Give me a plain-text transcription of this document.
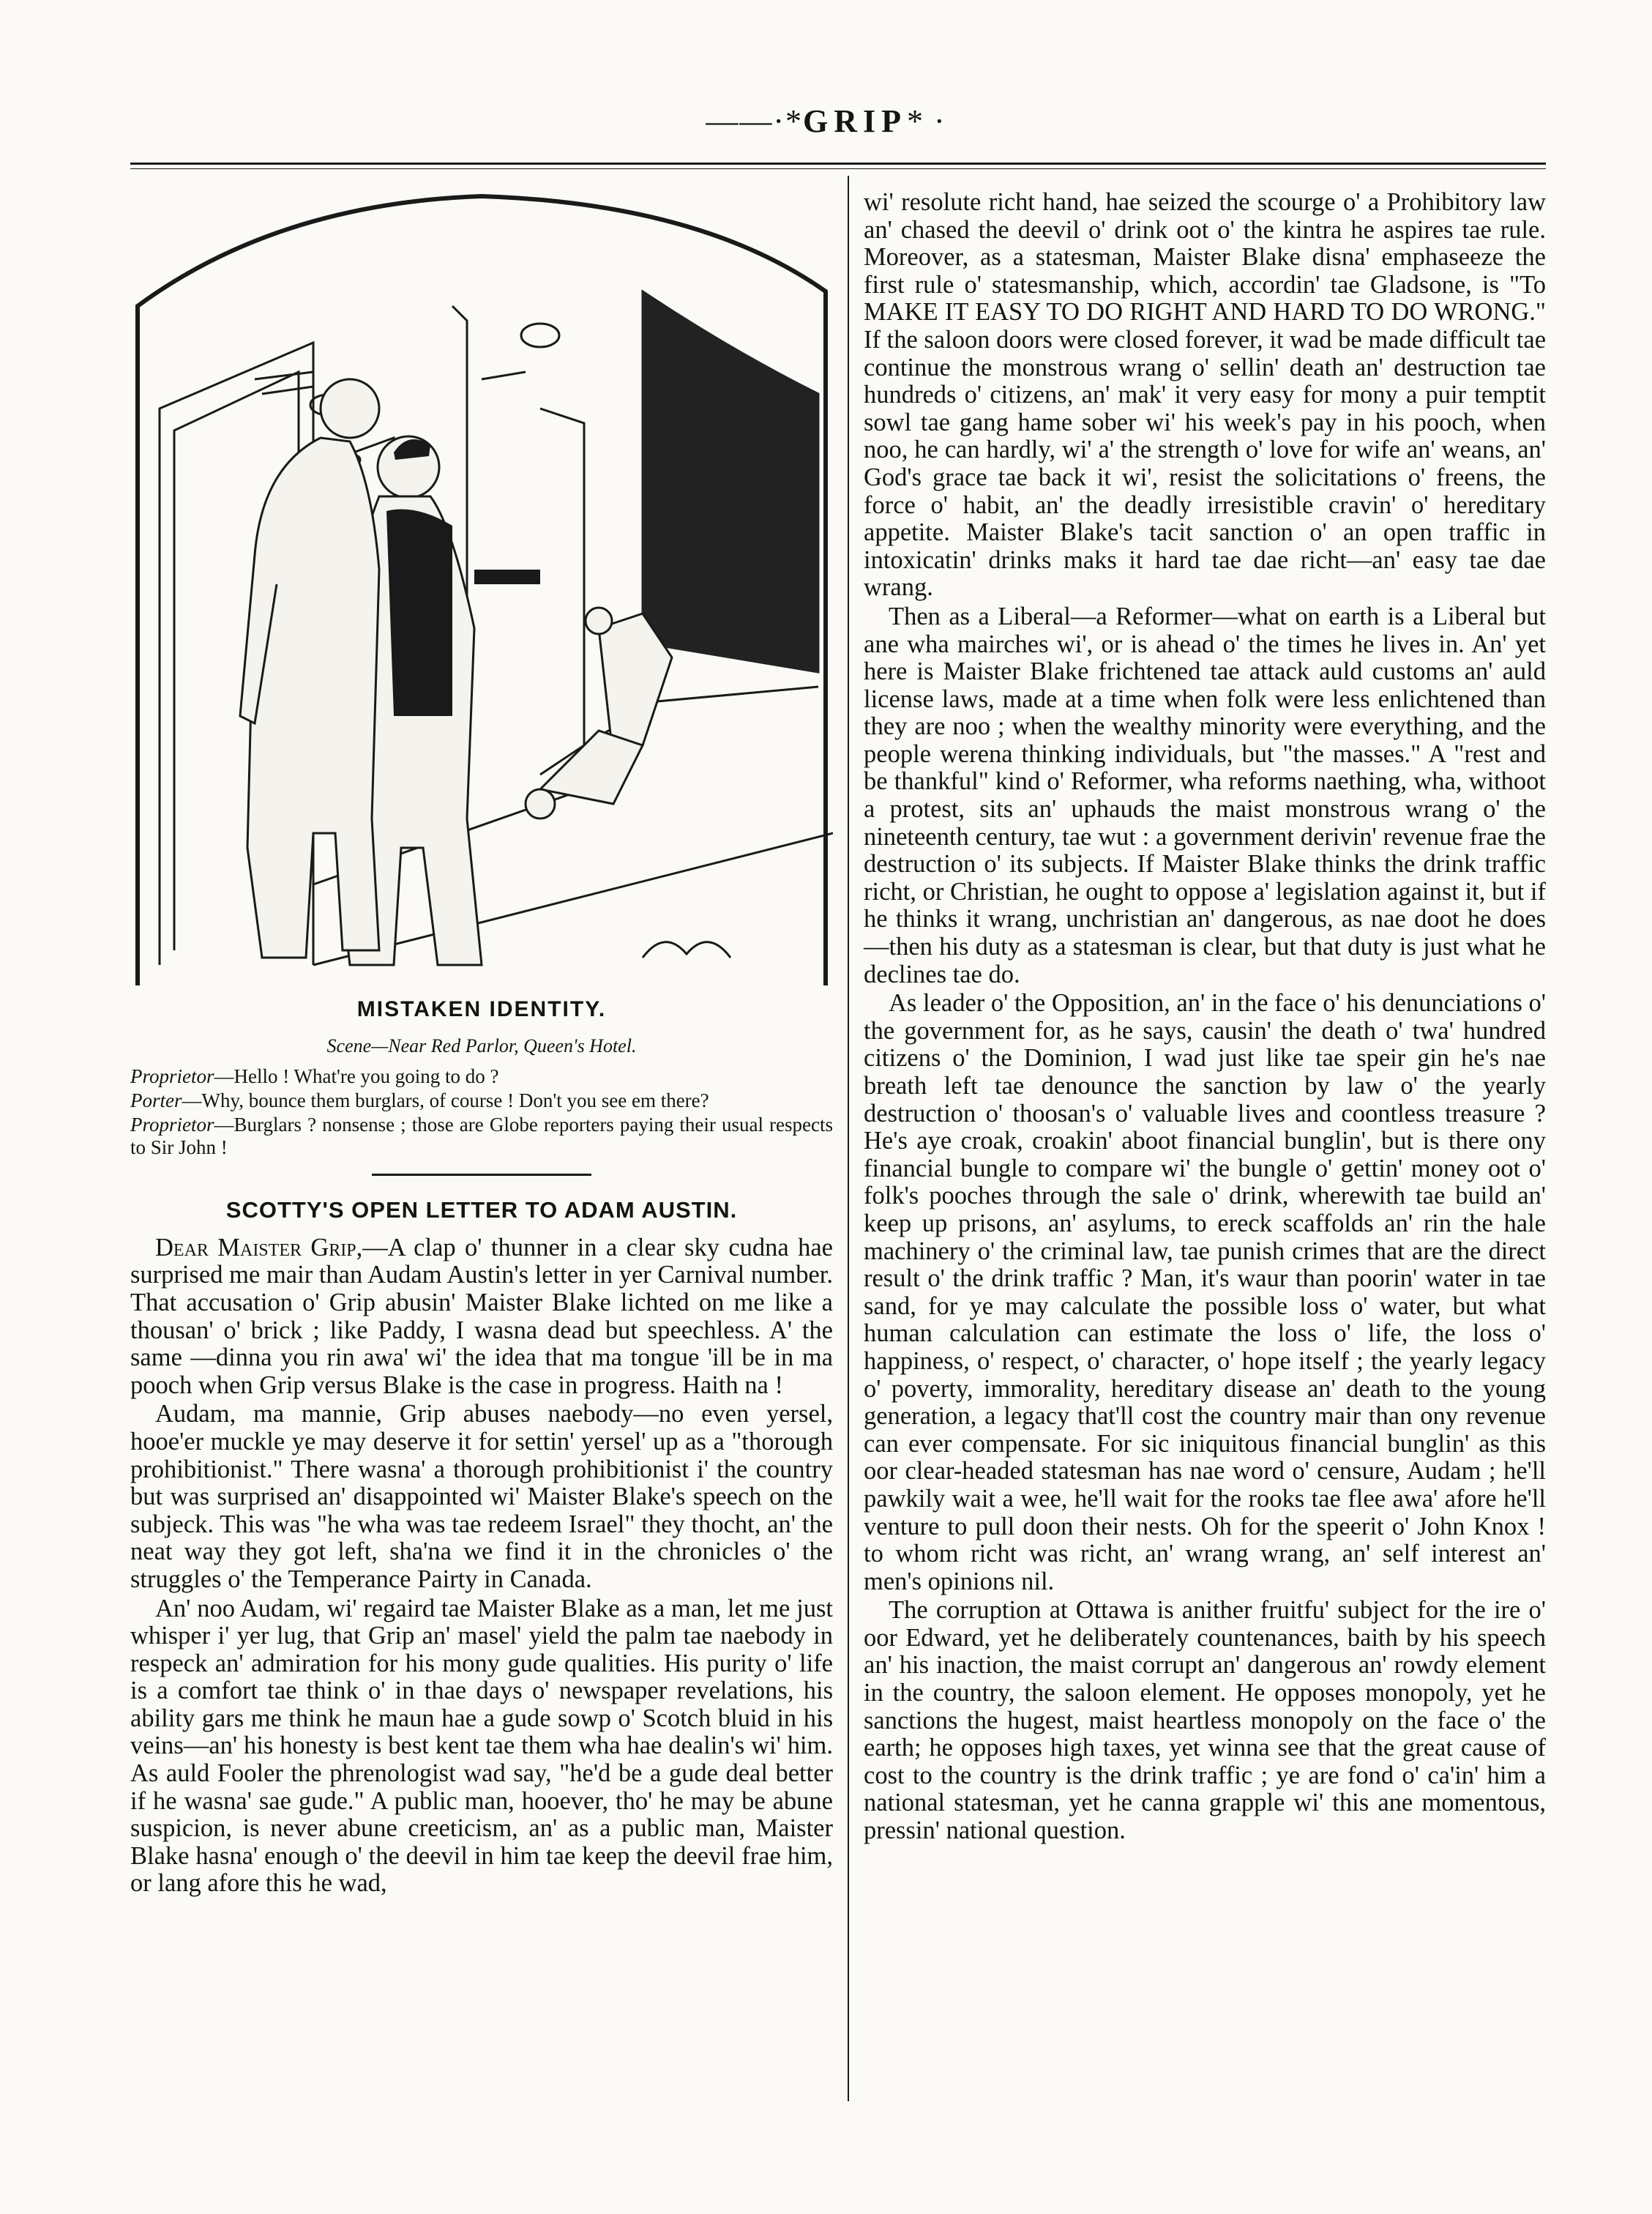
——·*GRIP* ·
MISTAKEN IDENTITY.
Scene—Near Red Parlor, Queen's Hotel.

Proprietor—Hello ! What're you going to do ?

Porter—Why, bounce them burglars, of course ! Don't you see em there?

Proprietor—Burglars ? nonsense ; those are Globe reporters paying their usual respects to Sir John !

SCOTTY'S OPEN LETTER TO ADAM AUSTIN.

Dear Maister Grip,—A clap o' thunner in a clear sky cudna hae surprised me mair than Audam Austin's letter in yer Carnival number. That accusation o' Grip abusin' Maister Blake lichted on me like a thousan' o' brick ; like Paddy, I wasna dead but speechless. A' the same —dinna you rin awa' wi' the idea that ma tongue 'ill be in ma pooch when Grip versus Blake is the case in progress. Haith na !

Audam, ma mannie, Grip abuses naebody—no even yersel, hooe'er muckle ye may deserve it for settin' yersel' up as a "thorough prohibitionist." There wasna' a thorough prohibitionist i' the country but was surprised an' disappointed wi' Maister Blake's speech on the subjeck. This was "he wha was tae redeem Israel" they thocht, an' the neat way they got left, sha'na we find it in the chronicles o' the struggles o' the Temperance Pairty in Canada.

An' noo Audam, wi' regaird tae Maister Blake as a man, let me just whisper i' yer lug, that Grip an' masel' yield the palm tae naebody in respeck an' admiration for his mony gude qualities. His purity o' life is a comfort tae think o' in thae days o' newspaper revelations, his ability gars me think he maun hae a gude sowp o' Scotch bluid in his veins—an' his honesty is best kent tae them wha hae dealin's wi' him. As auld Fooler the phrenologist wad say, "he'd be a gude deal better if he wasna' sae gude." A public man, hooever, tho' he may be abune suspicion, is never abune creeticism, an' as a public man, Maister Blake hasna' enough o' the deevil in him tae keep the deevil frae him, or lang afore this he wad,

wi' resolute richt hand, hae seized the scourge o' a Prohibitory law an' chased the deevil o' drink oot o' the kintra he aspires tae rule. Moreover, as a statesman, Maister Blake disna' emphaseeze the first rule o' statesmanship, which, accordin' tae Gladsone, is "To MAKE IT EASY TO DO RIGHT AND HARD TO DO WRONG." If the saloon doors were closed forever, it wad be made difficult tae continue the monstrous wrang o' sellin' death an' destruction tae hundreds o' citizens, an' mak' it very easy for mony a puir temptit sowl tae gang hame sober wi' his week's pay in his pooch, when noo, he can hardly, wi' a' the strength o' love for wife an' weans, an' God's grace tae back it wi', resist the solicitations o' freens, the force o' habit, an' the deadly irresistible cravin' o' hereditary appetite. Maister Blake's tacit sanction o' an open traffic in intoxicatin' drinks maks it hard tae dae richt—an' easy tae dae wrang.

Then as a Liberal—a Reformer—what on earth is a Liberal but ane wha mairches wi', or is ahead o' the times he lives in. An' yet here is Maister Blake frichtened tae attack auld customs an' auld license laws, made at a time when folk were less enlichtened than they are noo ; when the wealthy minority were everything, and the people werena thinking individuals, but "the masses." A "rest and be thankful" kind o' Reformer, wha reforms naething, wha, withoot a protest, sits an' uphauds the maist monstrous wrang o' the nineteenth century, tae wut : a government derivin' revenue frae the destruction o' its subjects. If Maister Blake thinks the drink traffic richt, or Christian, he ought to oppose a' legislation against it, but if he thinks it wrang, unchristian an' dangerous, as nae doot he does—then his duty as a statesman is clear, but that duty is just what he declines tae do.

As leader o' the Opposition, an' in the face o' his denunciations o' the government for, as he says, causin' the death o' twa' hundred citizens o' the Dominion, I wad just like tae speir gin he's nae breath left tae denounce the sanction by law o' the yearly destruction o' thoosan's o' valuable lives and coontless treasure ? He's aye croak, croakin' aboot financial bunglin', but is there ony financial bungle to compare wi' the bungle o' gettin' money oot o' folk's pooches through the sale o' drink, wherewith tae build an' keep up prisons, an' asylums, to ereck scaffolds an' rin the hale machinery o' the criminal law, tae punish crimes that are the direct result o' the drink traffic ? Man, it's waur than poorin' water in tae sand, for ye may calculate the possible loss o' water, but what human calculation can estimate the loss o' life, the loss o' happiness, o' respect, o' character, o' hope itself ; the yearly legacy o' poverty, immorality, hereditary disease an' death to the young generation, a legacy that'll cost the country mair than ony revenue can ever compensate. For sic iniquitous financial bunglin' as this oor clear-headed statesman has nae word o' censure, Audam ; he'll pawkily wait a wee, he'll wait for the rooks tae flee awa' afore he'll venture to pull doon their nests. Oh for the speerit o' John Knox ! to whom richt was richt, an' wrang wrang, an' self interest an' men's opinions nil.

The corruption at Ottawa is anither fruitfu' subject for the ire o' oor Edward, yet he deliberately countenances, baith by his speech an' his inaction, the maist corrupt an' dangerous an' rowdy element in the country, the saloon element. He opposes monopoly, yet he sanctions the hugest, maist heartless monopoly on the face o' the earth; he opposes high taxes, yet winna see that the great cause of cost to the country is the drink traffic ; ye are fond o' ca'in' him a national statesman, yet he canna grapple wi' this ane momentous, pressin' national question.
